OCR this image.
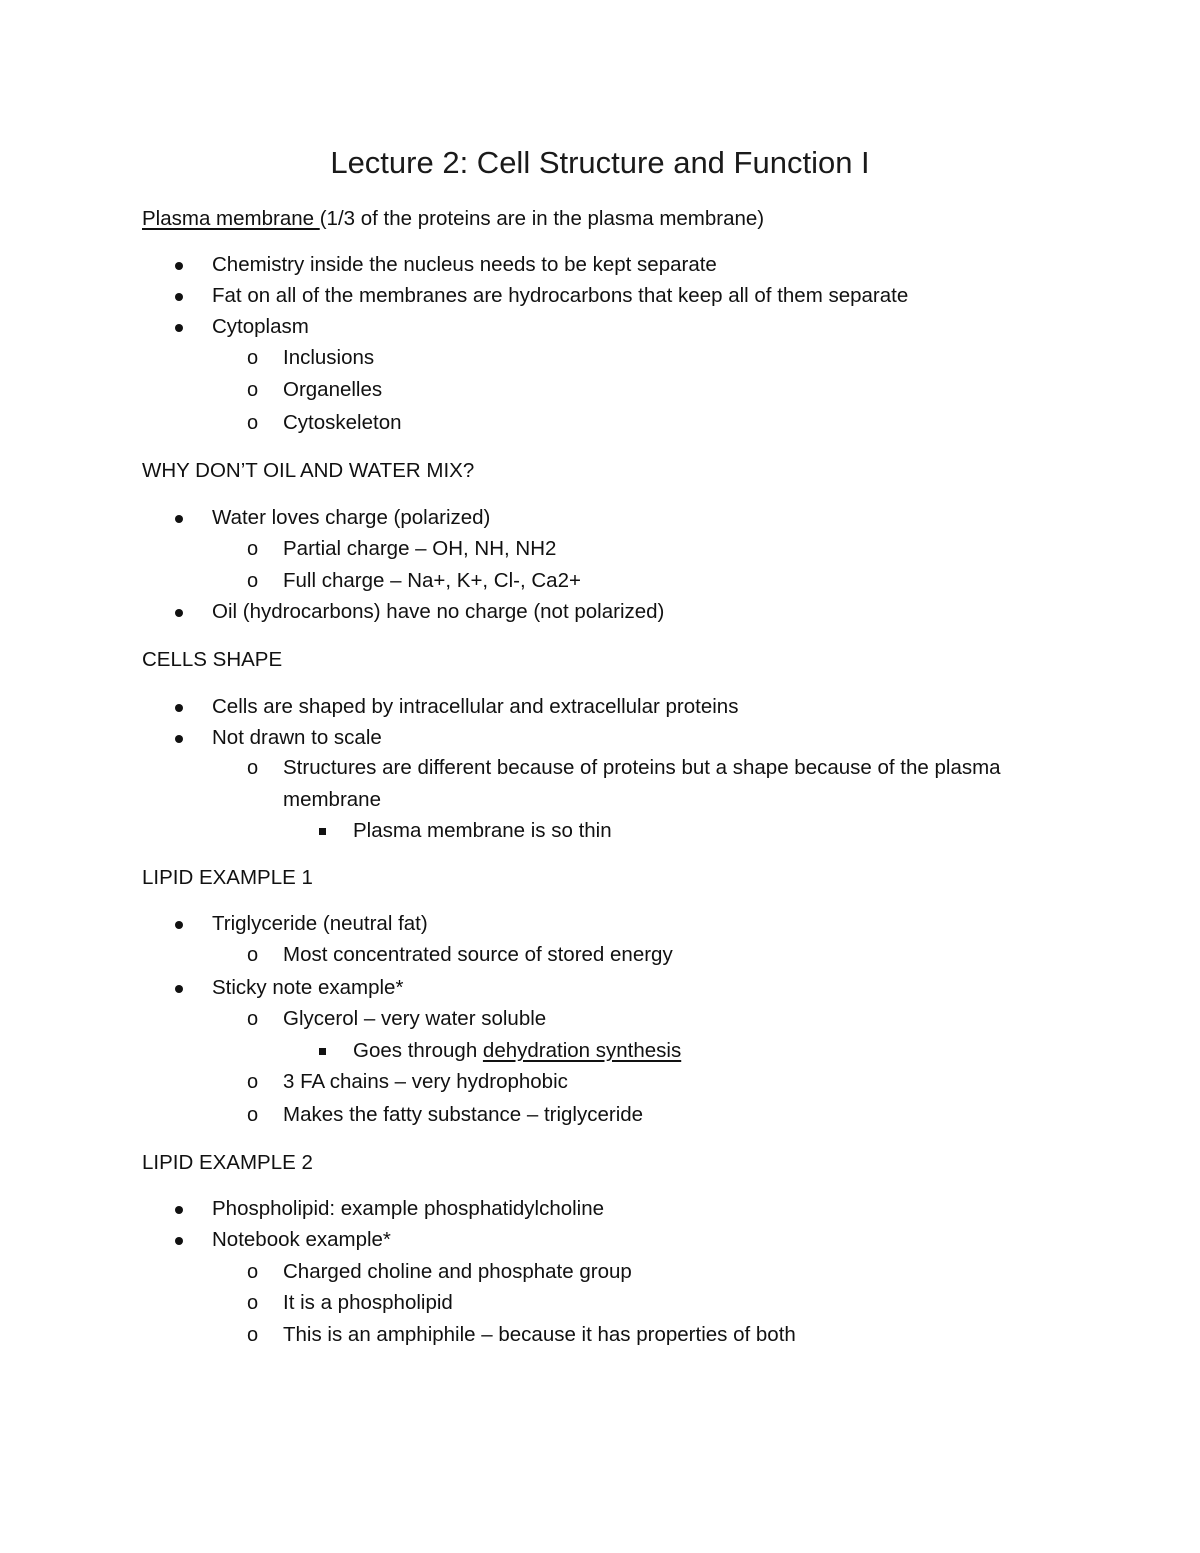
Lecture 2: Cell Structure and Function I
Plasma membrane (1/3 of the proteins are in the plasma membrane)
Chemistry inside the nucleus needs to be kept separate
Fat on all of the membranes are hydrocarbons that keep all of them separate
Cytoplasm
o Inclusions
o Organelles
o Cytoskeleton
WHY DON’T OIL AND WATER MIX?
Water loves charge (polarized)
o Partial charge – OH, NH, NH2
o Full charge – Na+, K+, Cl-, Ca2+
Oil (hydrocarbons) have no charge (not polarized)
CELLS SHAPE
Cells are shaped by intracellular and extracellular proteins
Not drawn to scale
o Structures are different because of proteins but a shape because of the plasma
membrane
Plasma membrane is so thin
LIPID EXAMPLE 1
Triglyceride (neutral fat)
o Most concentrated source of stored energy
Sticky note example*
o Glycerol – very water soluble
Goes through dehydration synthesis
o 3 FA chains – very hydrophobic
o Makes the fatty substance – triglyceride
LIPID EXAMPLE 2
Phospholipid: example phosphatidylcholine
Notebook example*
o Charged choline and phosphate group
o It is a phospholipid
o This is an amphiphile – because it has properties of both
